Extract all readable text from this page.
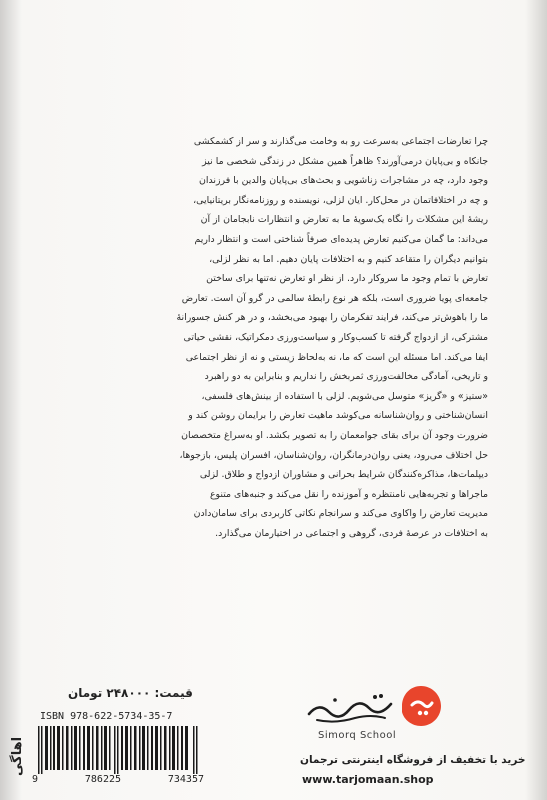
چرا تعارضات اجتماعی به‌سرعت رو به وخامت می‌گذارند و سر از کشمکشی

جانکاه و بی‌پایان درمی‌آورند؟ ظاهراً همین مشکل در زندگی شخصی ما نیز

وجود دارد، چه در مشاجرات زناشویی و بحث‌های بی‌پایان والدین با فرزندان

و چه در اختلافاتمان در محل‌کار. ایان لزلی، نویسنده و روزنامه‌نگار بریتانیایی،

ریشهٔ این مشکلات را نگاه یک‌سویهٔ ما به تعارض و انتظارات نابجامان از آن

می‌داند: ما گمان می‌کنیم تعارض پدیده‌ای صرفاً شناختی است و انتظار داریم

بتوانیم دیگران را متقاعد کنیم و به اختلافات پایان دهیم. اما به نظر لزلی،

تعارض با تمام وجود ما سروکار دارد. از نظر او تعارض نه‌تنها برای ساختن

جامعه‌ای پویا ضروری است، بلکه هر نوع رابطهٔ سالمی در گرو آن است. تعارض

ما را باهوش‌تر می‌کند، فرایند تفکرمان را بهبود می‌بخشد، و در هر کنش جسورانهٔ

مشترکی، از ازدواج گرفته تا کسب‌وکار و سیاست‌ورزی دمکراتیک، نقشی حیاتی

ایفا می‌کند. اما مسئله این است که ما، نه به‌لحاظ زیستی و نه از نظر اجتماعی

و تاریخی، آمادگی مخالفت‌ورزی ثمربخش را نداریم و بنابراین به دو راهبرد

«ستیز» و «گریز» متوسل می‌شویم. لزلی با استفاده از بینش‌های فلسفی،

انسان‌شناختی و روان‌شناسانه می‌کوشد ماهیت تعارض را برایمان روشن کند و

ضرورت وجود آن برای بقای جوامعمان را به تصویر بکشد. او به‌سراغ متخصصان

حل اختلاف می‌رود، یعنی روان‌درمانگران، روان‌شناسان، افسران پلیس، بازجوها،

دیپلمات‌ها، مذاکره‌کنندگان شرایط بحرانی و مشاوران ازدواج و طلاق. لزلی

ماجراها و تجربه‌هایی نامنتظره و آموزنده را نقل می‌کند و جنبه‌های متنوع

مدیریت تعارض را واکاوی می‌کند و سرانجام نکاتی کاربردی برای سامان‌دادن

به اختلافات در عرصهٔ فردی، گروهی و اجتماعی در اختیارمان می‌گذارد.

قیمت: ۲۴۸۰۰۰ تومان
ISBN 978-622-5734-35-7
9	786225	734357
اهاگی
Simorq School
خرید با تخفیف از فروشگاه اینترنتی ترجمان
www.tarjomaan.shop
